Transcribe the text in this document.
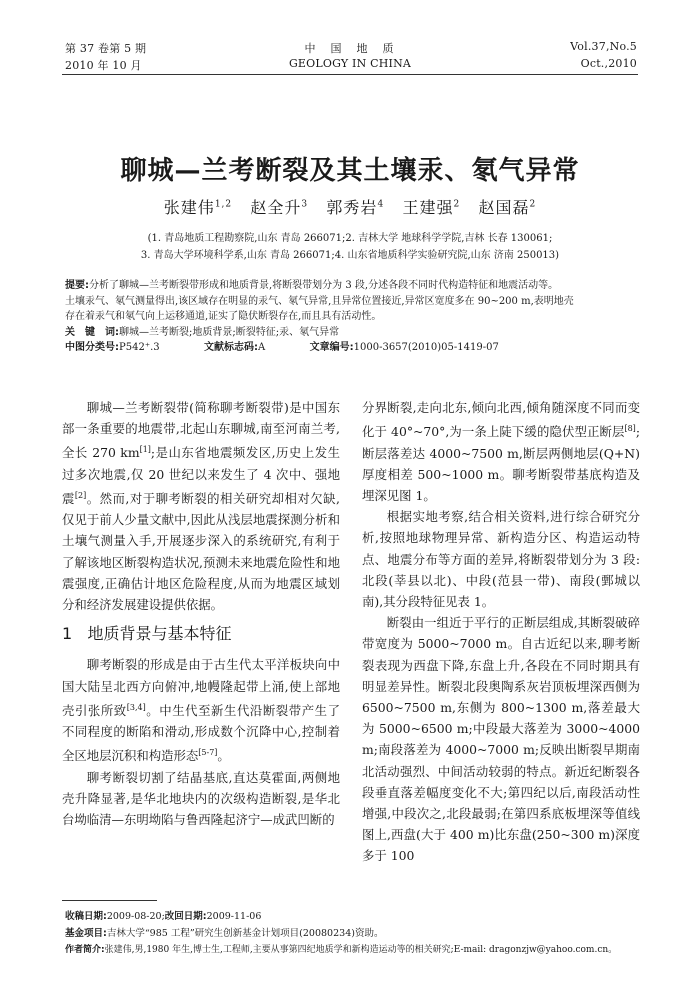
第 37 卷第 5 期
2010 年 10 月
中　国　地　质
GEOLOGY IN CHINA
Vol.37,No.5
Oct.,2010
聊城—兰考断裂及其土壤汞、氡气异常
张建伟$^{1,2}$ 赵全升$^3$ 郭秀岩$^4$ 王建强$^2$ 赵国磊$^2$
(1. 青岛地质工程勘察院,山东 青岛 266071;2. 吉林大学 地球科学学院,吉林 长春 130061;
3. 青岛大学环境科学系,山东 青岛 266071;4. 山东省地质科学实验研究院,山东 济南 250013)
提要:分析了聊城—兰考断裂带形成和地质背景,将断裂带划分为 3 段,分述各段不同时代构造特征和地震活动等。
土壤汞气、氡气测量得出,该区域存在明显的汞气、氡气异常,且异常位置接近,异常区宽度多在 90~200 m,表明地壳
存在着汞气和氡气向上运移通道,证实了隐伏断裂存在,而且具有活动性。
关　键　词:聊城—兰考断裂;地质背景;断裂特征;汞、氡气异常
中图分类号:P542⁺.3	文献标志码:A	文章编号:1000-3657(2010)05-1419-07

聊城—兰考断裂带(简称聊考断裂带)是中国东部一条重要的地震带,北起山东聊城,南至河南兰考,全长 270 km[1];是山东省地震频发区,历史上发生过多次地震,仅 20 世纪以来发生了 4 次中、强地震[2]。然而,对于聊考断裂的相关研究却相对欠缺,仅见于前人少量文献中,因此从浅层地震探测分析和土壤气测量入手,开展逐步深入的系统研究,有利于了解该地区断裂构造状况,预测未来地震危险性和地震强度,正确估计地区危险程度,从而为地震区域划分和经济发展建设提供依据。

1 地质背景与基本特征

聊考断裂的形成是由于古生代太平洋板块向中国大陆呈北西方向俯冲,地幔隆起带上涌,使上部地壳引张所致[3,4]。中生代至新生代沿断裂带产生了不同程度的断陷和滑动,形成数个沉降中心,控制着全区地层沉积和构造形态[5-7]。

聊考断裂切割了结晶基底,直达莫霍面,两侧地壳升降显著,是华北地块内的次级构造断裂,是华北台坳临清—东明坳陷与鲁西隆起济宁—成武凹断的

分界断裂,走向北东,倾向北西,倾角随深度不同而变化于 40°~70°,为一条上陡下缓的隐伏型正断层[8];断层落差达 4000~7500 m,断层两侧地层(Q+N)厚度相差 500~1000 m。聊考断裂带基底构造及埋深见图 1。

根据实地考察,结合相关资料,进行综合研究分析,按照地球物理异常、新构造分区、构造运动特点、地震分布等方面的差异,将断裂带划分为 3 段:北段(莘县以北)、中段(范县一带)、南段(鄄城以南),其分段特征见表 1。

断裂由一组近于平行的正断层组成,其断裂破碎带宽度为 5000~7000 m。自古近纪以来,聊考断裂表现为西盘下降,东盘上升,各段在不同时期具有明显差异性。断裂北段奥陶系灰岩顶板埋深西侧为 6500~7500 m,东侧为 800~1300 m,落差最大为 5000~6500 m;中段最大落差为 3000~4000 m;南段落差为 4000~7000 m;反映出断裂早期南北活动强烈、中间活动较弱的特点。新近纪断裂各段垂直落差幅度变化不大;第四纪以后,南段活动性增强,中段次之,北段最弱;在第四系底板埋深等值线图上,西盘(大于 400 m)比东盘(250~300 m)深度多于 100

收稿日期:2009-08-20;改回日期:2009-11-06
基金项目:吉林大学“985 工程”研究生创新基金计划项目(20080234)资助。
作者简介:张建伟,男,1980 年生,博士生,工程师,主要从事第四纪地质学和新构造运动等的相关研究;E-mail: dragonzjw@yahoo.com.cn。
